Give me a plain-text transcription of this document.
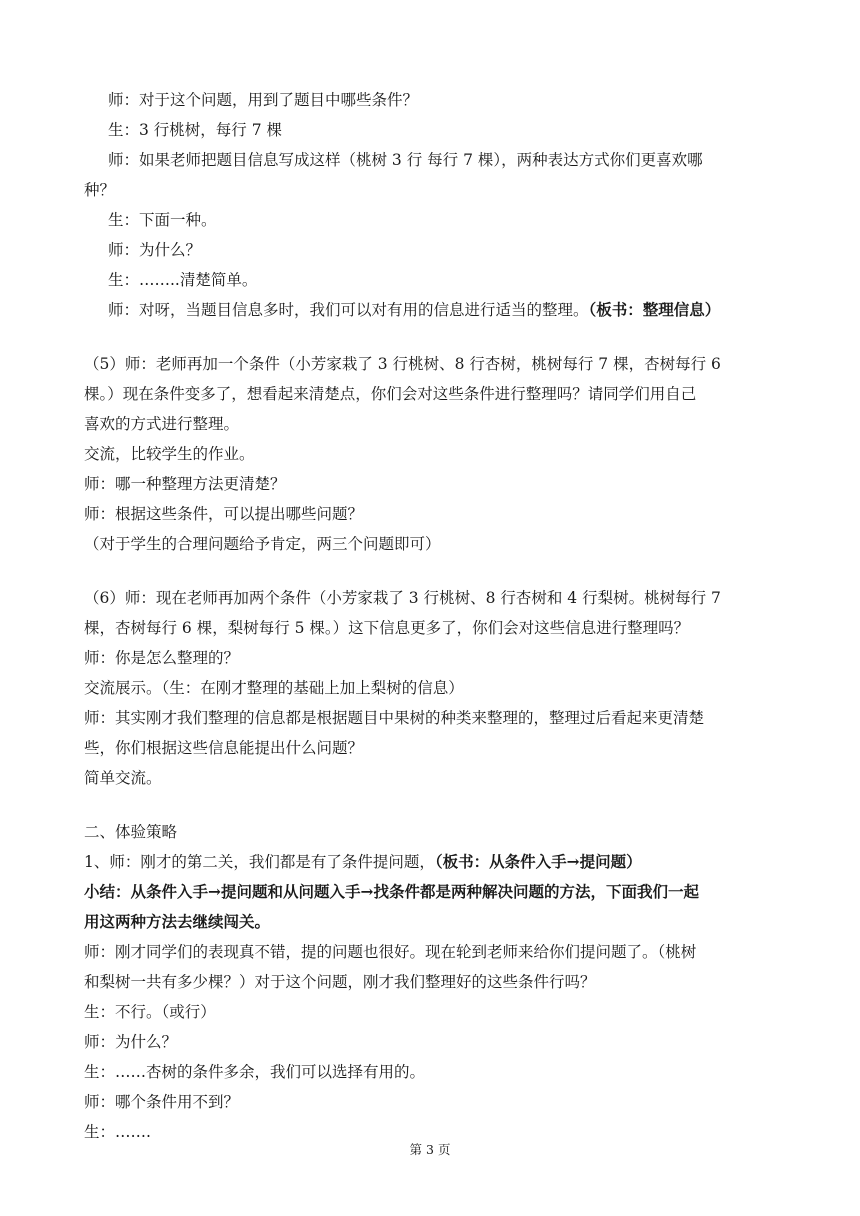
师：对于这个问题，用到了题目中哪些条件？
生：3 行桃树，每行 7 棵
师：如果老师把题目信息写成这样（桃树 3 行 每行 7 棵），两种表达方式你们更喜欢哪
种？
生：下面一种。
师：为什么？
生：……..清楚简单。
师：对呀，当题目信息多时，我们可以对有用的信息进行适当的整理。（板书：整理信息）
（5）师：老师再加一个条件（小芳家栽了 3 行桃树、8 行杏树，桃树每行 7 棵，杏树每行 6
棵。）现在条件变多了，想看起来清楚点，你们会对这些条件进行整理吗？请同学们用自己
喜欢的方式进行整理。
交流，比较学生的作业。
师：哪一种整理方法更清楚？
师：根据这些条件，可以提出哪些问题？
（对于学生的合理问题给予肯定，两三个问题即可）
（6）师：现在老师再加两个条件（小芳家栽了 3 行桃树、8 行杏树和 4 行梨树。桃树每行 7
棵，杏树每行 6 棵，梨树每行 5 棵。）这下信息更多了，你们会对这些信息进行整理吗？
师：你是怎么整理的？
交流展示。（生：在刚才整理的基础上加上梨树的信息）
师：其实刚才我们整理的信息都是根据题目中果树的种类来整理的，整理过后看起来更清楚
些，你们根据这些信息能提出什么问题？
简单交流。
二、体验策略
1、师：刚才的第二关，我们都是有了条件提问题，（板书：从条件入手→提问题）
小结：从条件入手→提问题和从问题入手→找条件都是两种解决问题的方法，下面我们一起
用这两种方法去继续闯关。
师：刚才同学们的表现真不错，提的问题也很好。现在轮到老师来给你们提问题了。（桃树
和梨树一共有多少棵？）对于这个问题，刚才我们整理好的这些条件行吗？
生：不行。（或行）
师：为什么？
生：……杏树的条件多余，我们可以选择有用的。
师：哪个条件用不到？
生：…….
第 3 页
